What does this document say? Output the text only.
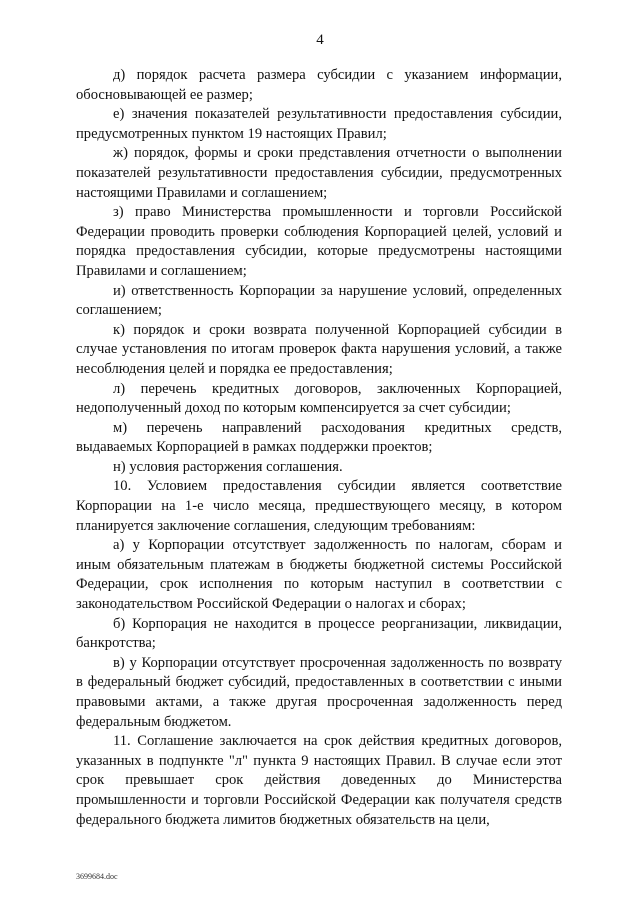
4

д) порядок расчета размера субсидии с указанием информации, обосновывающей ее размер;

е) значения показателей результативности предоставления субсидии, предусмотренных пунктом 19 настоящих Правил;

ж) порядок, формы и сроки представления отчетности о выполнении показателей результативности предоставления субсидии, предусмотренных настоящими Правилами и соглашением;

з) право Министерства промышленности и торговли Российской Федерации проводить проверки соблюдения Корпорацией целей, условий и порядка предоставления субсидии, которые предусмотрены настоящими Правилами и соглашением;

и) ответственность Корпорации за нарушение условий, определенных соглашением;

к) порядок и сроки возврата полученной Корпорацией субсидии в случае установления по итогам проверок факта нарушения условий, а также несоблюдения целей и порядка ее предоставления;

л) перечень кредитных договоров, заключенных Корпорацией, недополученный доход по которым компенсируется за счет субсидии;

м) перечень направлений расходования кредитных средств, выдаваемых Корпорацией в рамках поддержки проектов;

н) условия расторжения соглашения.

10. Условием предоставления субсидии является соответствие Корпорации на 1-е число месяца, предшествующего месяцу, в котором планируется заключение соглашения, следующим требованиям:

а) у Корпорации отсутствует задолженность по налогам, сборам и иным обязательным платежам в бюджеты бюджетной системы Российской Федерации, срок исполнения по которым наступил в соответствии с законодательством Российской Федерации о налогах и сборах;

б) Корпорация не находится в процессе реорганизации, ликвидации, банкротства;

в) у Корпорации отсутствует просроченная задолженность по возврату в федеральный бюджет субсидий, предоставленных в соответствии с иными правовыми актами, а также другая просроченная задолженность перед федеральным бюджетом.

11. Соглашение заключается на срок действия кредитных договоров, указанных в подпункте "л" пункта 9 настоящих Правил. В случае если этот срок превышает срок действия доведенных до Министерства промышленности и торговли Российской Федерации как получателя средств федерального бюджета лимитов бюджетных обязательств на цели,

3699684.doc
